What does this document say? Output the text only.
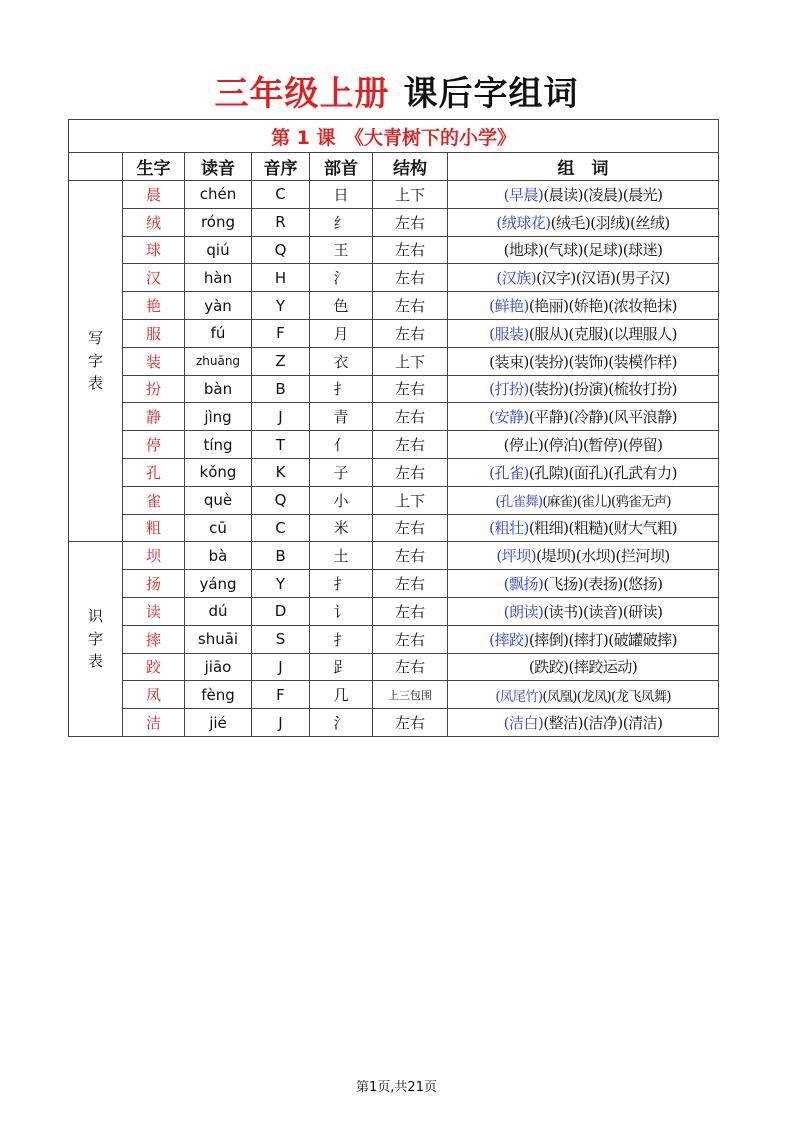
三年级上册 课后字组词
第 1 课　《大青树下的小学》						
	生字	读音	音序	部首	结构	组　词

写
字
表	晨	chén	C	日	上下	(早晨)(晨读)(凌晨)(晨光)
	绒	róng	R	纟	左右	(绒球花)(绒毛)(羽绒)(丝绒)
	球	qiú	Q	王	左右	(地球)(气球)(足球)(球迷)
	汉	hàn	H	氵	左右	(汉族)(汉字)(汉语)(男子汉)
	艳	yàn	Y	色	左右	(鲜艳)(艳丽)(娇艳)(浓妆艳抹)
	服	fú	F	月	左右	(服装)(服从)(克服)(以理服人)
	装	zhuāng	Z	衣	上下	(装束)(装扮)(装饰)(装模作样)
	扮	bàn	B	扌	左右	(打扮)(装扮)(扮演)(梳妆打扮)
	静	jìng	J	青	左右	(安静)(平静)(冷静)(风平浪静)
	停	tíng	T	亻	左右	(停止)(停泊)(暂停)(停留)
	孔	kǒng	K	子	左右	(孔雀)(孔隙)(面孔)(孔武有力)
	雀	què	Q	小	上下	(孔雀舞)(麻雀)(雀儿)(鸦雀无声)
	粗	cū	C	米	左右	(粗壮)(粗细)(粗糙)(财大气粗)

识
字
表	坝	bà	B	土	左右	(坪坝)(堤坝)(水坝)(拦河坝)
	扬	yáng	Y	扌	左右	(飘扬)(飞扬)(表扬)(悠扬)
	读	dú	D	讠	左右	(朗读)(读书)(读音)(研读)
	摔	shuāi	S	扌	左右	(摔跤)(摔倒)(摔打)(破罐破摔)
	跤	jiāo	J	𧾷	左右	(跌跤)(摔跤运动)
	凤	fèng	F	几	上三包围	(凤尾竹)(凤凰)(龙凤)(龙飞凤舞)
	洁	jié	J	氵	左右	(洁白)(整洁)(洁净)(清洁)
第1页,共21页
